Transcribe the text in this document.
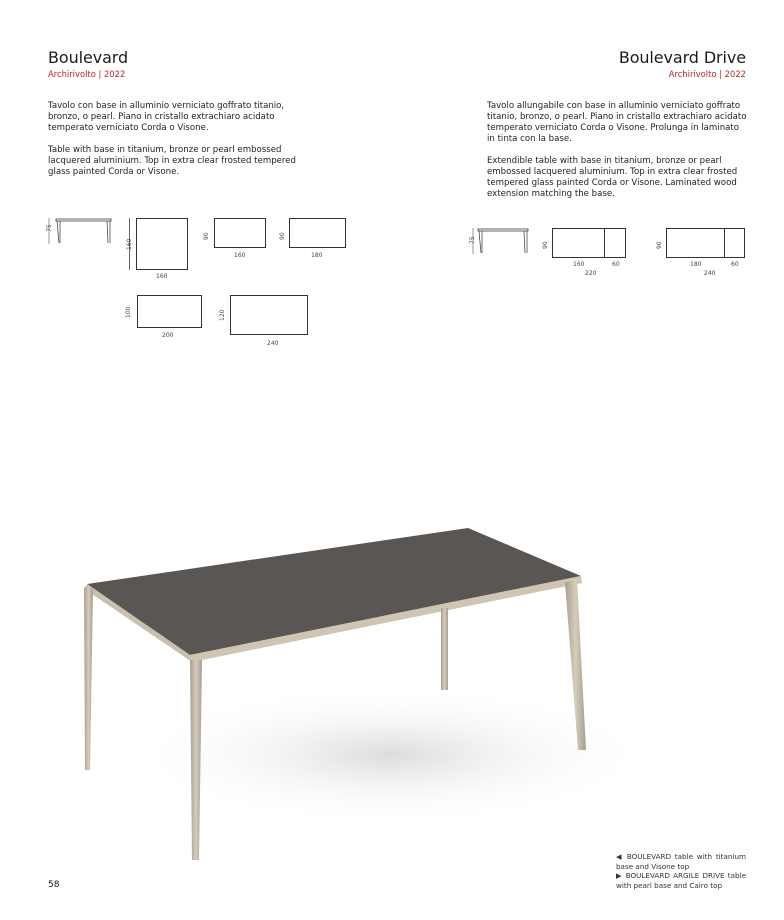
Boulevard
Archirivolto | 2022
Boulevard Drive
Archirivolto | 2022

Tavolo con base in alluminio verniciato goffrato titanio, bronzo, o pearl. Piano in cristallo extrachiaro acidato temperato verniciato Corda o Visone.

Table with base in titanium, bronze or pearl embossed lacquered aluminium. Top in extra clear frosted tempered glass painted Corda or Visone.

Tavolo allungabile con base in alluminio verniciato goffrato titanio, bronzo, o pearl. Piano in cristallo extrachiaro acidato temperato verniciato Corda o Visone. Prolunga in laminato in tinta con la base.

Extendible table with base in titanium, bronze or pearl embossed lacquered aluminium. Top in extra clear frosted tempered glass painted Corda or Visone. Laminated wood extension matching the base.

75
160
160
90
160
90
180
100
200
120
240
75
90
160	60
220
90
180	60
240
◀ BOULEVARD table with titanium base and Visone top
▶ BOULEVARD ARGILE DRIVE table with pearl base and Cairo top
58
